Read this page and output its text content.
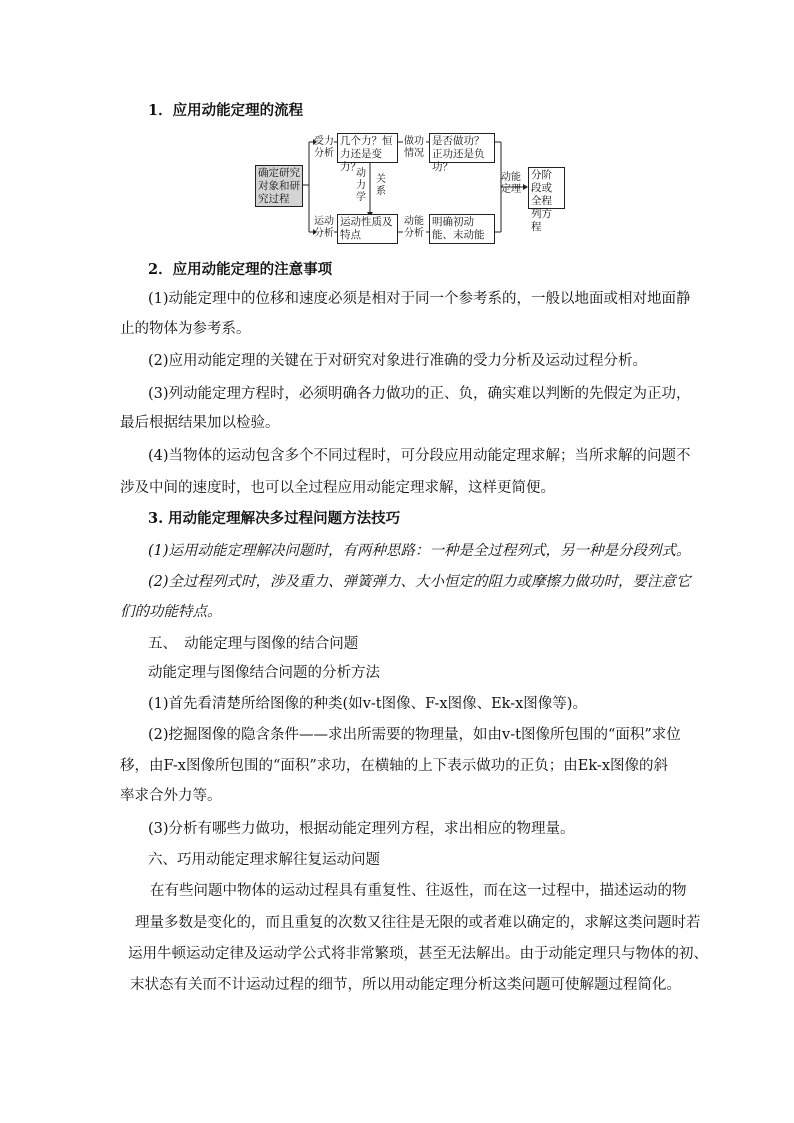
1．应用动能定理的流程
确定研究对象和研究过程
受力分析
几个力？恒力还是变力？
做功情况
是否做功？正功还是负功？
动力学
关系
运动分析
运动性质及特点
动能分析
明确初动能、末动能
动能定理
分阶段或全程列方程
2．应用动能定理的注意事项
(1)动能定理中的位移和速度必须是相对于同一个参考系的，一般以地面或相对地面静
止的物体为参考系。
(2)应用动能定理的关键在于对研究对象进行准确的受力分析及运动过程分析。
(3)列动能定理方程时，必须明确各力做功的正、负，确实难以判断的先假定为正功，
最后根据结果加以检验。
(4)当物体的运动包含多个不同过程时，可分段应用动能定理求解；当所求解的问题不
涉及中间的速度时，也可以全过程应用动能定理求解，这样更简便。
3. 用动能定理解决多过程问题方法技巧
(1)运用动能定理解决问题时，有两种思路：一种是全过程列式，另一种是分段列式。
(2)全过程列式时，涉及重力、弹簧弹力、大小恒定的阻力或摩擦力做功时，要注意它
们的功能特点。
五、　动能定理与图像的结合问题
动能定理与图像结合问题的分析方法
(1)首先看清楚所给图像的种类(如v-t图像、F-x图像、Ek-x图像等)。
(2)挖掘图像的隐含条件——求出所需要的物理量，如由v-t图像所包围的“面积”求位
移，由F-x图像所包围的“面积”求功，在横轴的上下表示做功的正负；由Ek-x图像的斜
率求合外力等。
(3)分析有哪些力做功，根据动能定理列方程，求出相应的物理量。
六、巧用动能定理求解往复运动问题
在有些问题中物体的运动过程具有重复性、往返性，而在这一过程中，描述运动的物
理量多数是变化的，而且重复的次数又往往是无限的或者难以确定的，求解这类问题时若
运用牛顿运动定律及运动学公式将非常繁琐，甚至无法解出。由于动能定理只与物体的初、
末状态有关而不计运动过程的细节，所以用动能定理分析这类问题可使解题过程简化。
